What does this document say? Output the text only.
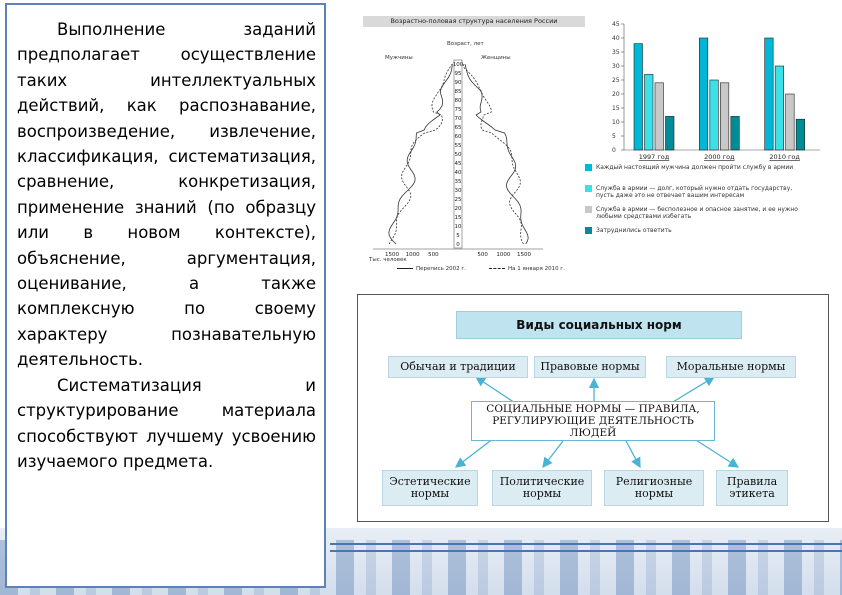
Выполнение заданий предполагает осуществление таких интеллектуальных действий, как распознавание, воспроизведение, извлечение, классификация, систематизация, сравнение, конкретизация, применение знаний (по образцу или в новом контексте), объяснение, аргументация, оценивание, а также комплексную по своему характеру познавательную деятельность.

Систематизация и структурирование материала способствуют лучшему усвоению изучаемого предмета.

Возрастно-половая структура населения России
Возраст, лет
Мужчины	Женщины
100
95
90
85
80
75
70
65
60
55
50
45
40
35
30
25
20
15
10
5
0
1500 1000 500	500 1000 1500
Тыс. человек
Перепись 2002 г.	На 1 января 2010 г.
45
40
35
30
25
20
15
10
5
0
1997 год	2000 год	2010 год
Каждый настоящий мужчина должен пройти службу в армии
Служба в армии — долг, который нужно отдать государству, пусть даже это не отвечает вашим интересам
Служба в армии — бесполезное и опасное занятие, и ее нужно любыми средствами избегать
Затруднились ответить
Виды социальных норм
Обычаи и традиции	Правовые нормы	Моральные нормы
СОЦИАЛЬНЫЕ НОРМЫ — ПРАВИЛА, РЕГУЛИРУЮЩИЕ ДЕЯТЕЛЬНОСТЬ ЛЮДЕЙ
Эстетические нормы
Политические нормы
Религиозные нормы
Правила этикета
